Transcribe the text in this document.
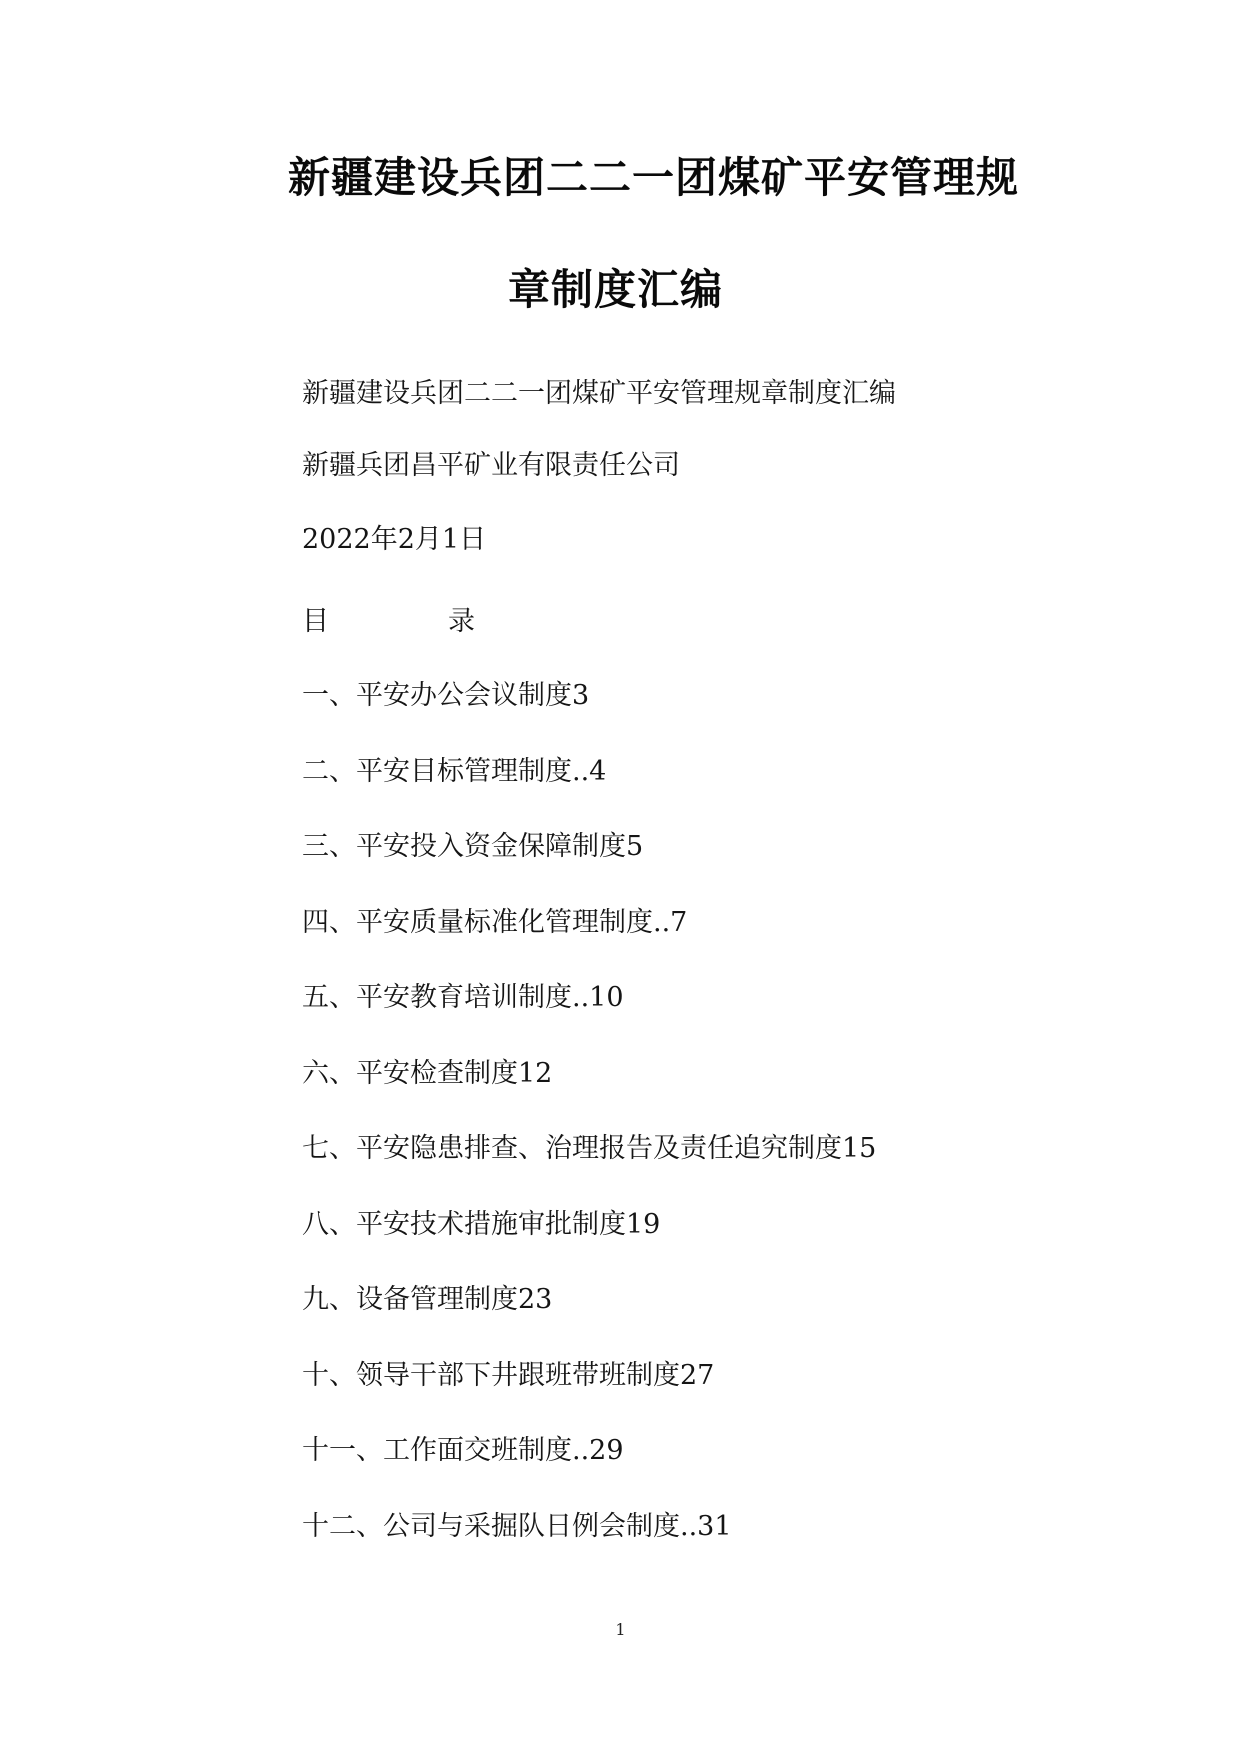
新疆建设兵团二二一团煤矿平安管理规
章制度汇编
新疆建设兵团二二一团煤矿平安管理规章制度汇编
新疆兵团昌平矿业有限责任公司
2022年2月1日
目	录
一、平安办公会议制度3
二、平安目标管理制度..4
三、平安投入资金保障制度5
四、平安质量标准化管理制度..7
五、平安教育培训制度..10
六、平安检查制度12
七、平安隐患排查、治理报告及责任追究制度15
八、平安技术措施审批制度19
九、设备管理制度23
十、领导干部下井跟班带班制度27
十一、工作面交班制度..29
十二、公司与采掘队日例会制度..31
1
